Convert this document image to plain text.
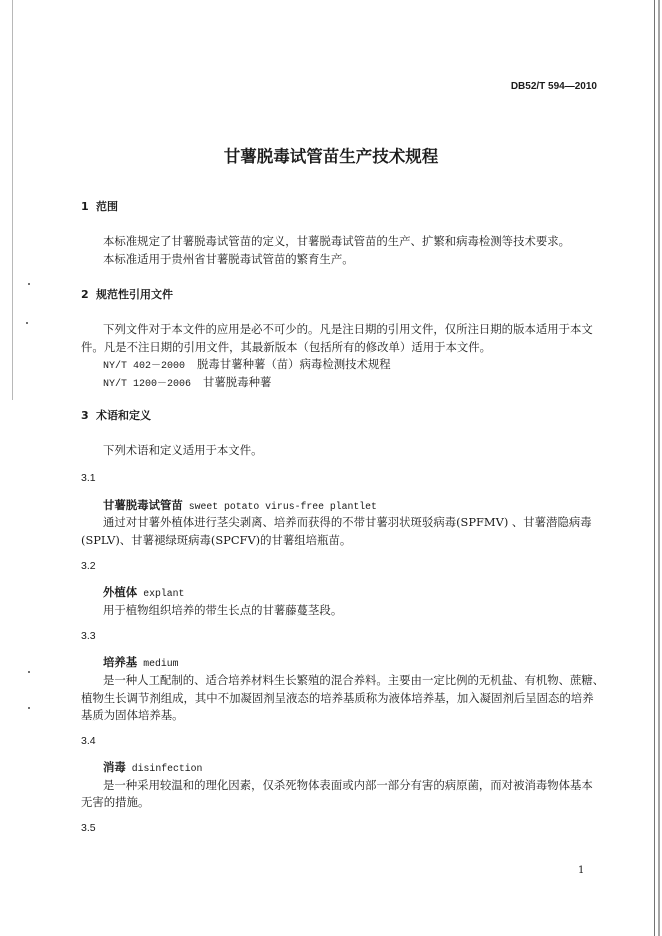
DB52/T 594—2010
甘薯脱毒试管苗生产技术规程
1 范围
本标准规定了甘薯脱毒试管苗的定义，甘薯脱毒试管苗的生产、扩繁和病毒检测等技术要求。
本标准适用于贵州省甘薯脱毒试管苗的繁育生产。
2 规范性引用文件
下列文件对于本文件的应用是必不可少的。凡是注日期的引用文件，仅所注日期的版本适用于本文
件。凡是不注日期的引用文件，其最新版本（包括所有的修改单）适用于本文件。
NY/T 402－2000 脱毒甘薯种薯（苗）病毒检测技术规程
NY/T 1200－2006 甘薯脱毒种薯
3 术语和定义
下列术语和定义适用于本文件。
3.1
甘薯脱毒试管苗 sweet potato virus-free plantlet
通过对甘薯外植体进行茎尖剥离、培养而获得的不带甘薯羽状斑驳病毒(SPFMV) 、甘薯潜隐病毒
(SPLV)、甘薯褪绿斑病毒(SPCFV)的甘薯组培瓶苗。
3.2
外植体 explant
用于植物组织培养的带生长点的甘薯藤蔓茎段。
3.3
培养基 medium
是一种人工配制的、适合培养材料生长繁殖的混合养料。主要由一定比例的无机盐、有机物、蔗糖、
植物生长调节剂组成，其中不加凝固剂呈液态的培养基质称为液体培养基，加入凝固剂后呈固态的培养
基质为固体培养基。
3.4
消毒 disinfection
是一种采用较温和的理化因素，仅杀死物体表面或内部一部分有害的病原菌，而对被消毒物体基本
无害的措施。
3.5
1
